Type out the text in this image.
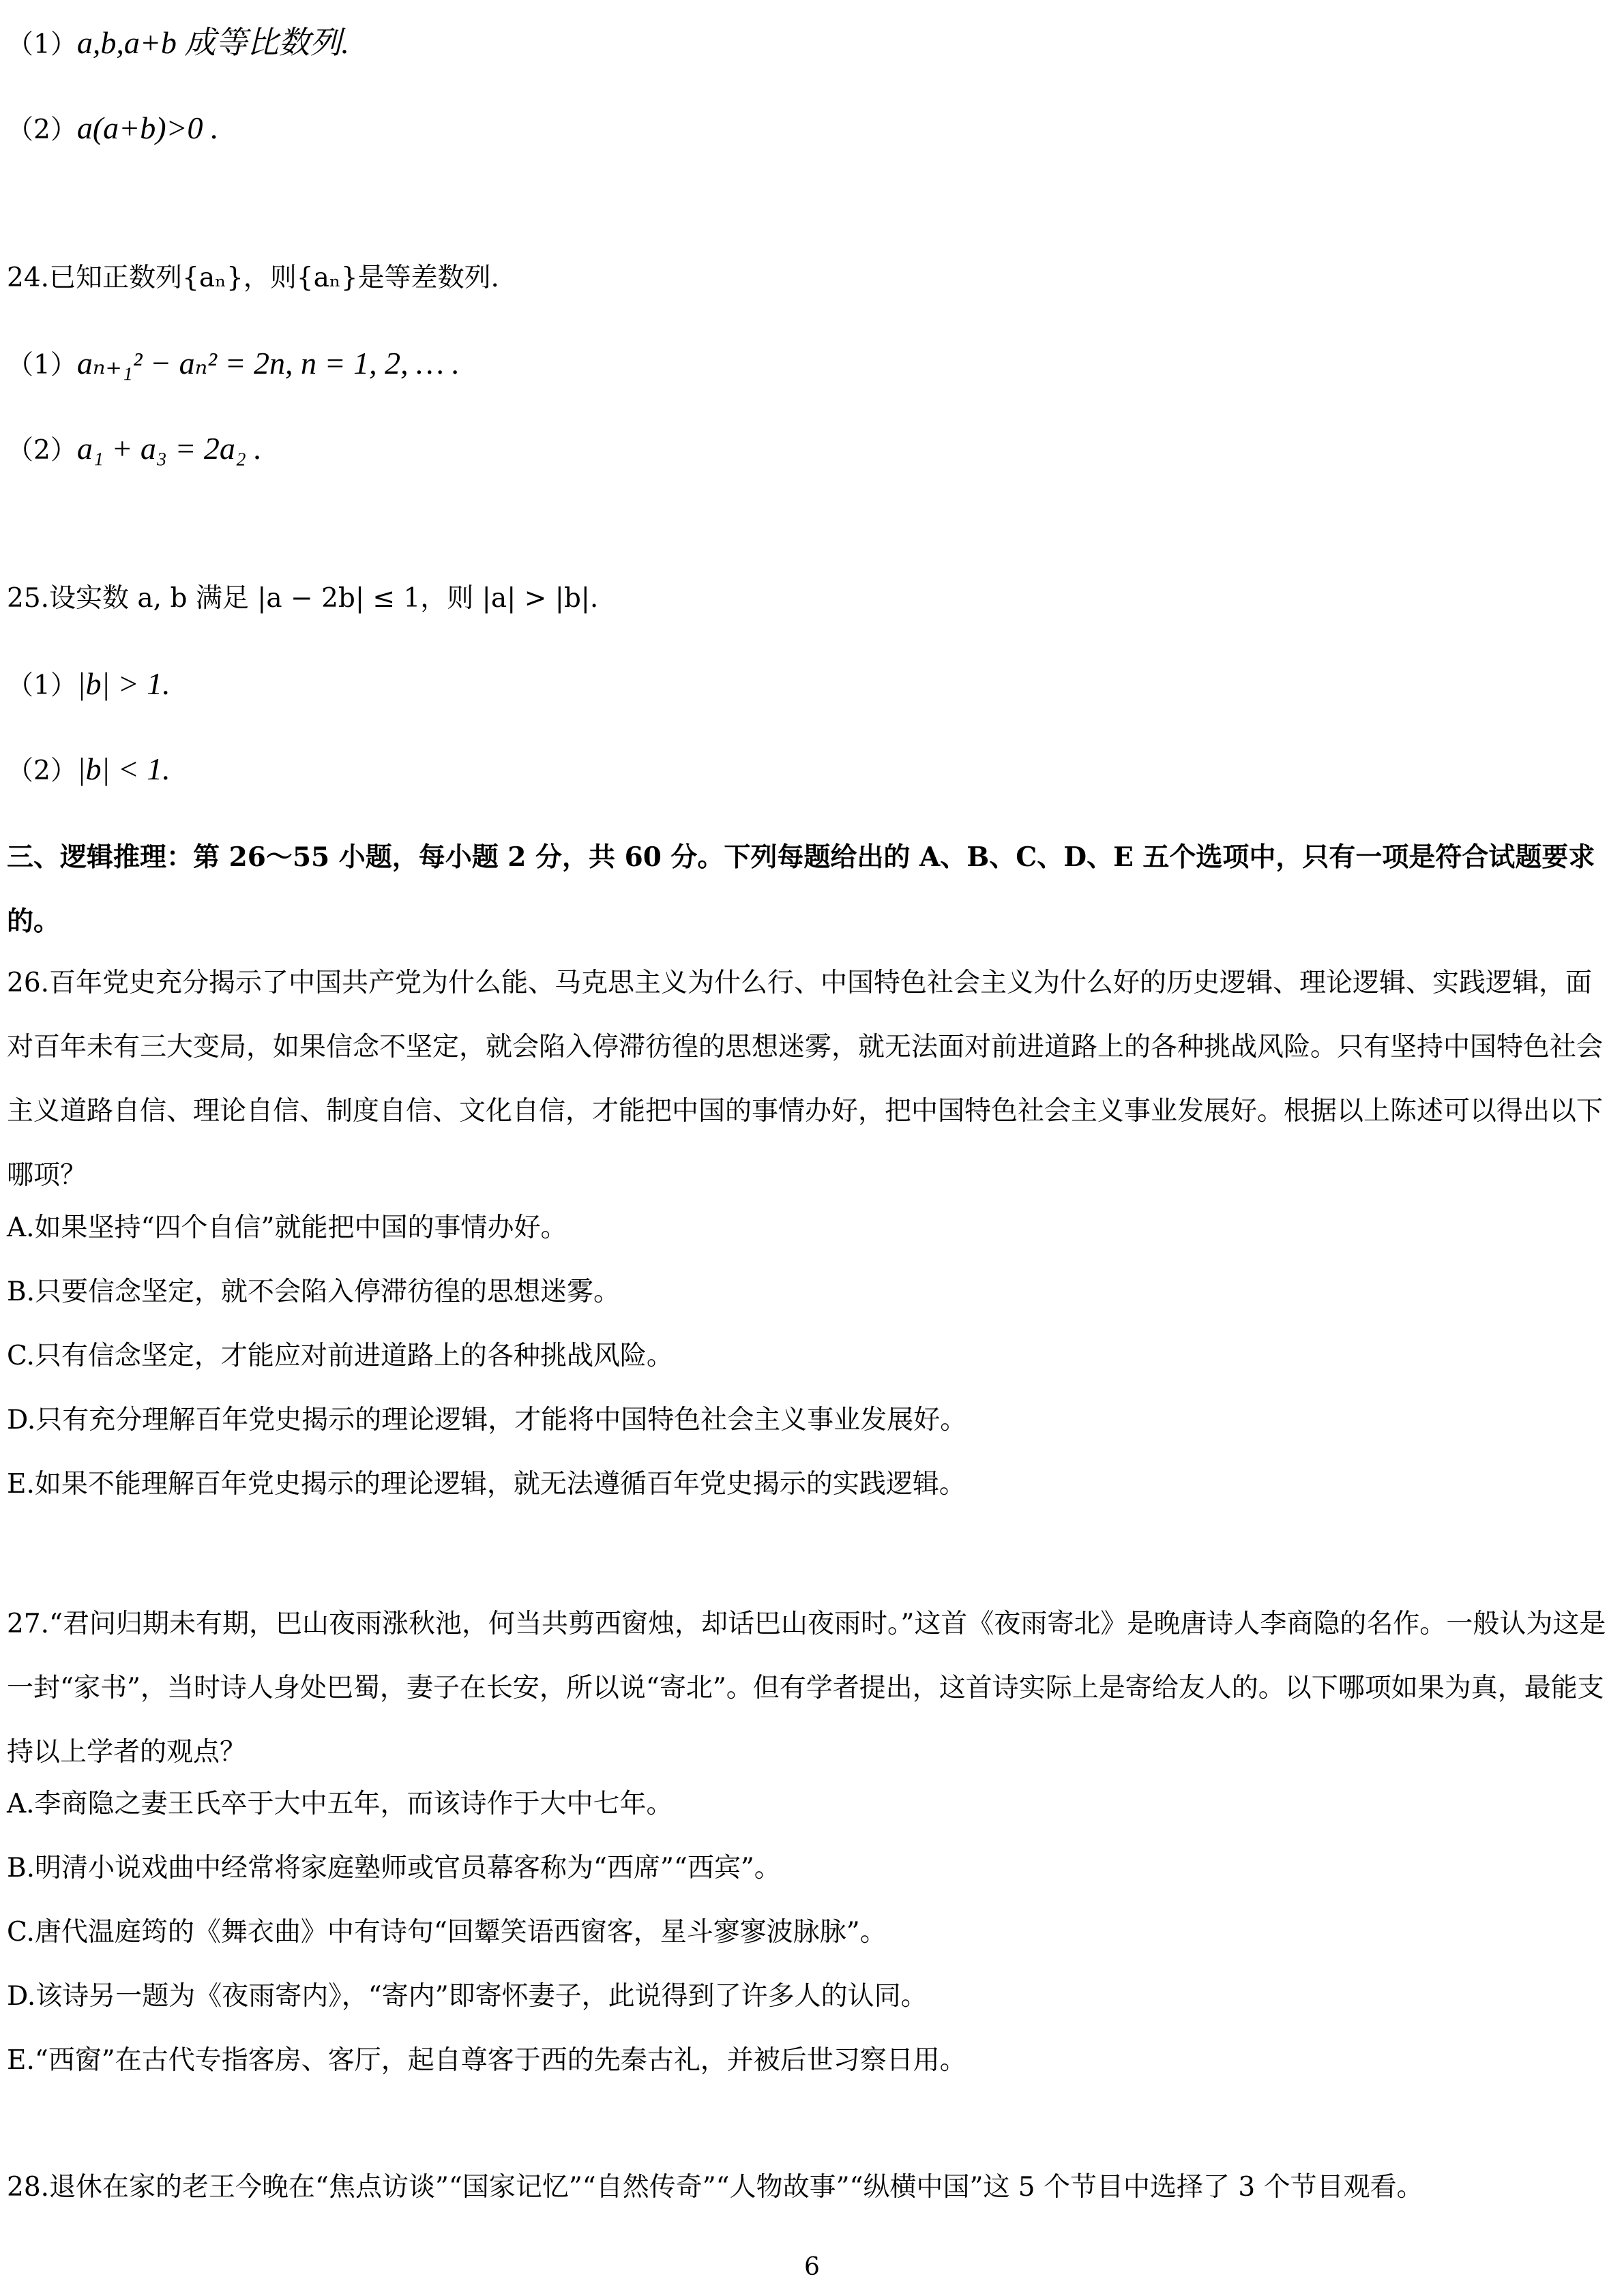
（1）a,b,a+b 成等比数列.
（2）a(a+b)>0 .
24.已知正数列{aₙ}，则{aₙ}是等差数列.
（1）aₙ₊₁² − aₙ² = 2n, n = 1, 2, … .
（2）a₁ + a₃ = 2a₂ .
25.设实数 a, b 满足 |a − 2b| ≤ 1，则 |a| > |b|.
（1）|b| > 1.
（2）|b| < 1.
三、逻辑推理：第 26～55 小题，每小题 2 分，共 60 分。下列每题给出的 A、B、C、D、E 五个选项中，只有一项是符合试题要求的。
26.百年党史充分揭示了中国共产党为什么能、马克思主义为什么行、中国特色社会主义为什么好的历史逻辑、理论逻辑、实践逻辑，面对百年未有三大变局，如果信念不坚定，就会陷入停滞彷徨的思想迷雾，就无法面对前进道路上的各种挑战风险。只有坚持中国特色社会主义道路自信、理论自信、制度自信、文化自信，才能把中国的事情办好，把中国特色社会主义事业发展好。根据以上陈述可以得出以下哪项？
A.如果坚持“四个自信”就能把中国的事情办好。
B.只要信念坚定，就不会陷入停滞彷徨的思想迷雾。
C.只有信念坚定，才能应对前进道路上的各种挑战风险。
D.只有充分理解百年党史揭示的理论逻辑，才能将中国特色社会主义事业发展好。
E.如果不能理解百年党史揭示的理论逻辑，就无法遵循百年党史揭示的实践逻辑。
27.“君问归期未有期，巴山夜雨涨秋池，何当共剪西窗烛，却话巴山夜雨时。”这首《夜雨寄北》是晚唐诗人李商隐的名作。一般认为这是一封“家书”，当时诗人身处巴蜀，妻子在长安，所以说“寄北”。但有学者提出，这首诗实际上是寄给友人的。以下哪项如果为真，最能支持以上学者的观点？
A.李商隐之妻王氏卒于大中五年，而该诗作于大中七年。
B.明清小说戏曲中经常将家庭塾师或官员幕客称为“西席”“西宾”。
C.唐代温庭筠的《舞衣曲》中有诗句“回颦笑语西窗客，星斗寥寥波脉脉”。
D.该诗另一题为《夜雨寄内》，“寄内”即寄怀妻子，此说得到了许多人的认同。
E.“西窗”在古代专指客房、客厅，起自尊客于西的先秦古礼，并被后世习察日用。
28.退休在家的老王今晚在“焦点访谈”“国家记忆”“自然传奇”“人物故事”“纵横中国”这 5 个节目中选择了 3 个节目观看。
6
